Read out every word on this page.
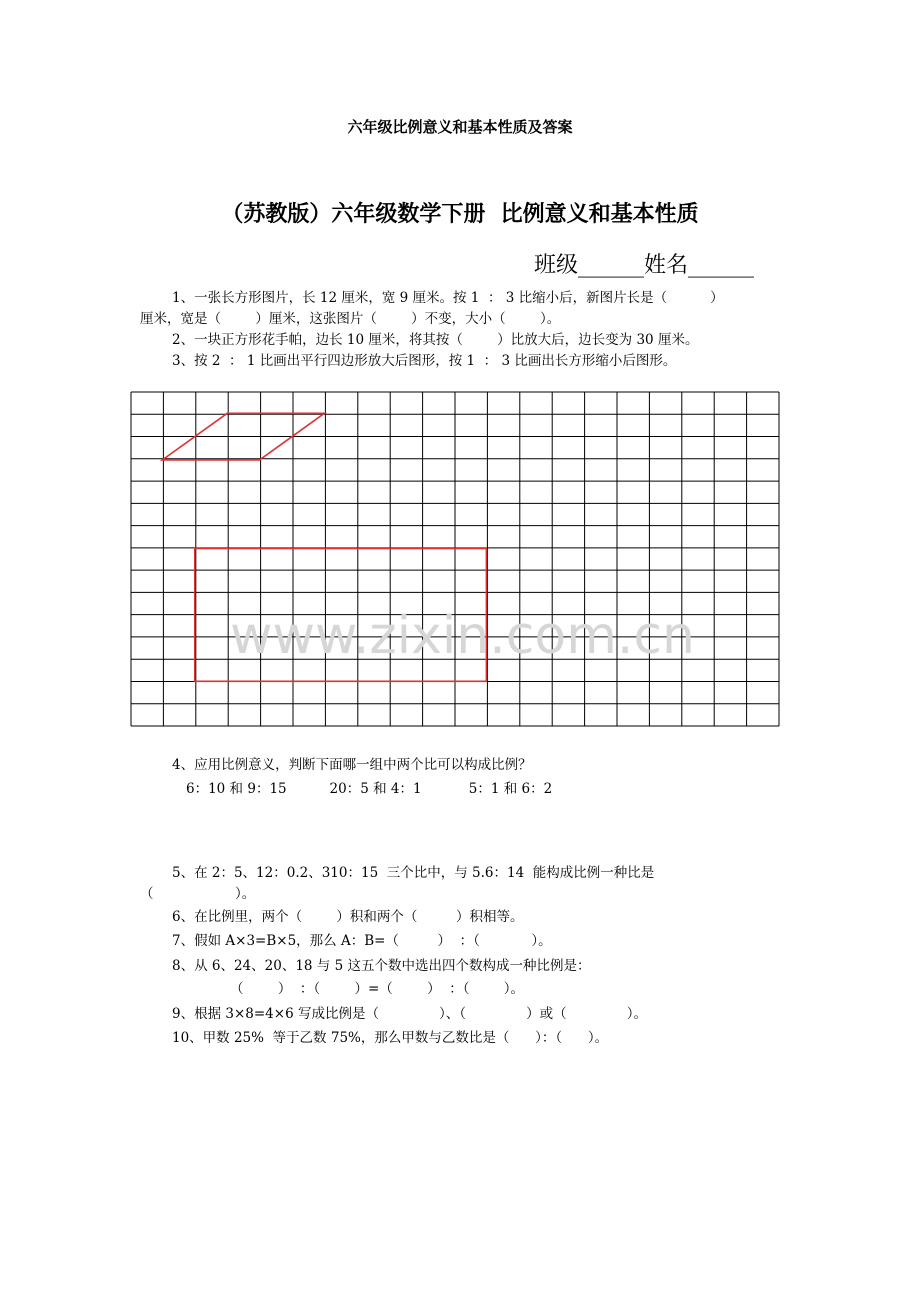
六年级比例意义和基本性质及答案
（苏教版）六年级数学下册  比例意义和基本性质
班级______姓名______
1、一张长方形图片，长 12 厘米，宽 9 厘米。按 1  ： 3 比缩小后，新图片长是（          ）
厘米，宽是（        ）厘米，这张图片（        ）不变，大小（        ）。
2、一块正方形花手帕，边长 10 厘米，将其按（        ）比放大后，边长变为 30 厘米。
3、按 2  ： 1 比画出平行四边形放大后图形，按 1  ： 3 比画出长方形缩小后图形。
www.zixin.com.cn
4、应用比例意义，判断下面哪一组中两个比可以构成比例？
6：10 和 9：15          20：5 和 4：1           5：1 和 6：2
5、在 2：5、12：0.2、310：15  三个比中，与 5.6：14  能构成比例一种比是
（                   ）。
6、在比例里，两个（        ）积和两个（         ）积相等。
7、假如 A×3=B×5，那么 A：B=（         ）  ：（            ）。
8、从 6、24、20、18 与 5 这五个数中选出四个数构成一种比例是：
（        ）  ：（        ）=（        ）  ：（        ）。
9、根据 3×8=4×6 写成比例是（              ）、（              ）或（              ）。
10、甲数 25%  等于乙数 75%，那么甲数与乙数比是（      ）：（      ）。
